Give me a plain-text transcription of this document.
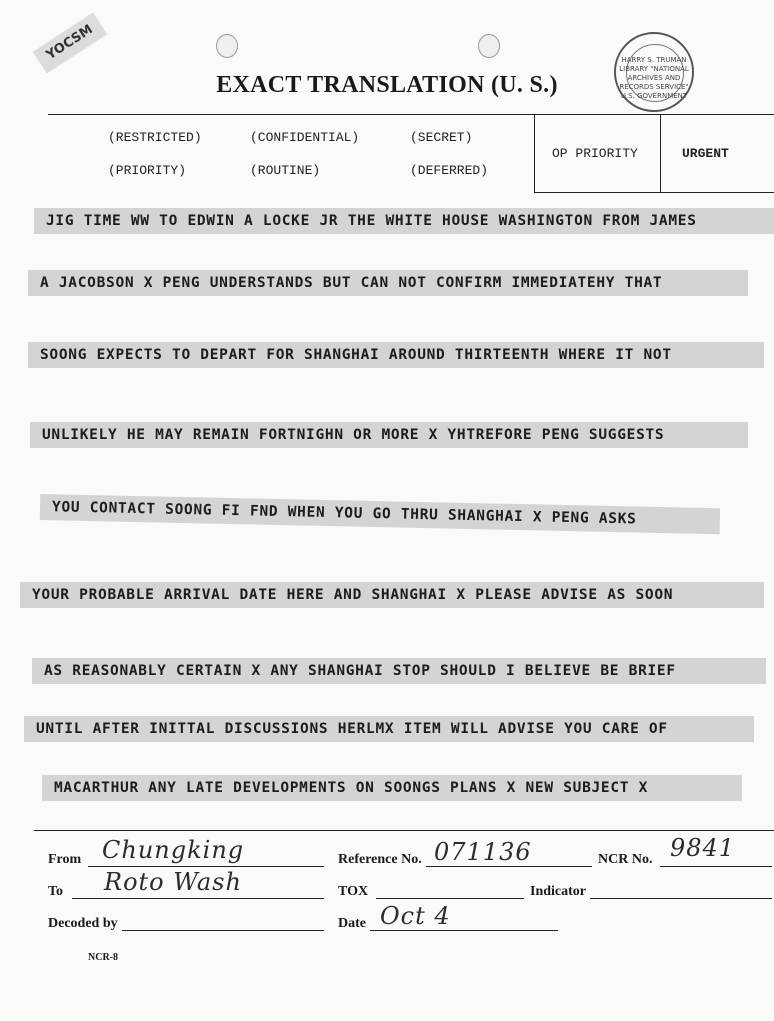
YOCSM
EXACT TRANSLATION (U. S.)
HARRY S. TRUMAN LIBRARY "NATIONAL ARCHIVES AND RECORDS SERVICE" U.S. GOVERNMENT
(RESTRICTED)	(CONFIDENTIAL)	(SECRET)
(PRIORITY)	(ROUTINE)	(DEFERRED)
OP PRIORITY	URGENT
JIG TIME WW TO EDWIN A LOCKE JR THE WHITE HOUSE WASHINGTON FROM JAMES
A JACOBSON X PENG UNDERSTANDS BUT CAN NOT CONFIRM IMMEDIATEHY THAT
SOONG EXPECTS TO DEPART FOR SHANGHAI AROUND THIRTEENTH WHERE IT NOT
UNLIKELY HE MAY REMAIN FORTNIGHN OR MORE X YHTREFORE PENG SUGGESTS
YOU CONTACT SOONG FI FND WHEN YOU GO THRU SHANGHAI X PENG ASKS
YOUR PROBABLE ARRIVAL DATE HERE AND SHANGHAI X PLEASE ADVISE AS SOON
AS REASONABLY CERTAIN X ANY SHANGHAI STOP SHOULD I BELIEVE BE BRIEF
UNTIL AFTER INITTAL DISCUSSIONS HERLMX ITEM WILL ADVISE YOU CARE OF
MACARTHUR ANY LATE DEVELOPMENTS ON SOONGS PLANS X NEW SUBJECT X
From Chungking
To Roto Wash
Decoded by
Reference No. 071136
TOX
Date Oct 4
NCR No. 9841
Indicator
NCR-8
